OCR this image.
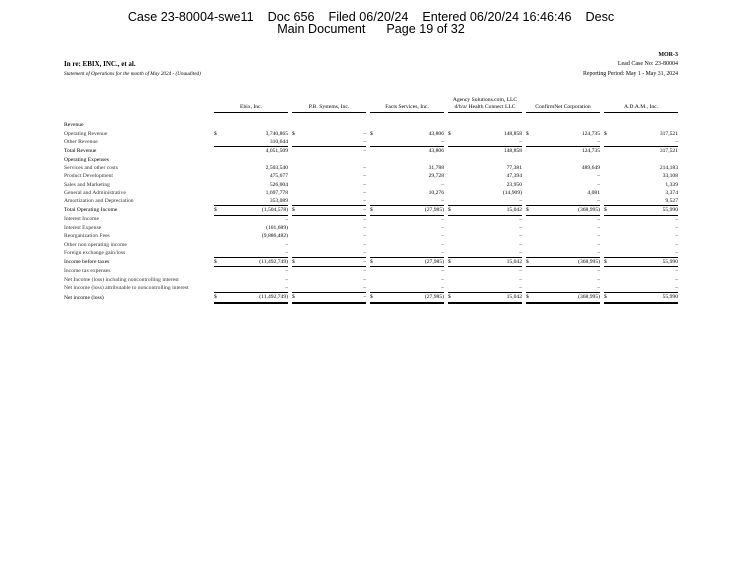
Case 23-80004-swe11    Doc 656    Filed 06/20/24    Entered 06/20/24 16:46:46    Desc
Main Document      Page 19 of 32
MOR-3
In re: EBIX, INC., et al.	Lead Case No: 23-80004
Statement of Operations for the month of May 2024 - (Unaudited)	Reporting Period: May 1 - May 31, 2024

	Ebix, Inc.			P.B. Systems, Inc.			Facts Services, Inc.			Agency Solutions.com, LLC d/b/a/ Health Connect LLC			ConfirmNet Corporation			A.D.A.M., Inc.	

Revenue																	
Operating Revenue	$	3,740,865		$	–		$	43,806		$	148,858		$	124,735		$	317,521
Other Revenue		310,644			–			–			–			–			–
Total Revenue		4,051,509			–			43,806			148,858			124,735			317,521
Operating Expenses																	
Services and other costs		2,503,540			–			31,788			77,381			489,649			214,183
Product Development		475,677			–			29,728			47,394			–			33,108
Sales and Marketing		526,004			–			–			23,950			–			1,339
General and Administrative		1,697,778			–			10,276			(14,909)			4,081			3,374
Amortization and Depreciation		353,089			–			–			–			–			9,527
Total Operating Income	$	(1,504,578)		$	–		$	(27,985)		$	15,042		$	(368,995)		$	55,990
Interest Income		–			–			–			–			–			–
Interest Expense		(101,689)			–			–			–			–			–
Reorganization Fees		(9,886,482)			–			–			–			–			–
Other non operating income		–			–			–			–			–			–
Foreign exchange gain/loss		–			–			–			–			–			–
Income before taxes	$	(11,492,749)		$	–		$	(27,985)		$	15,042		$	(368,995)		$	55,990
Income tax expenses		–			–			–			–			–			–
Net Income (loss) including noncontrolling interest		–			–			–			–			–			–
Net income (loss) attributable to noncontrolling interest		–			–			–			–			–			–
Net income (loss)	$	(11,492,749)		$	–		$	(27,985)		$	15,042		$	(368,995)		$	55,990
